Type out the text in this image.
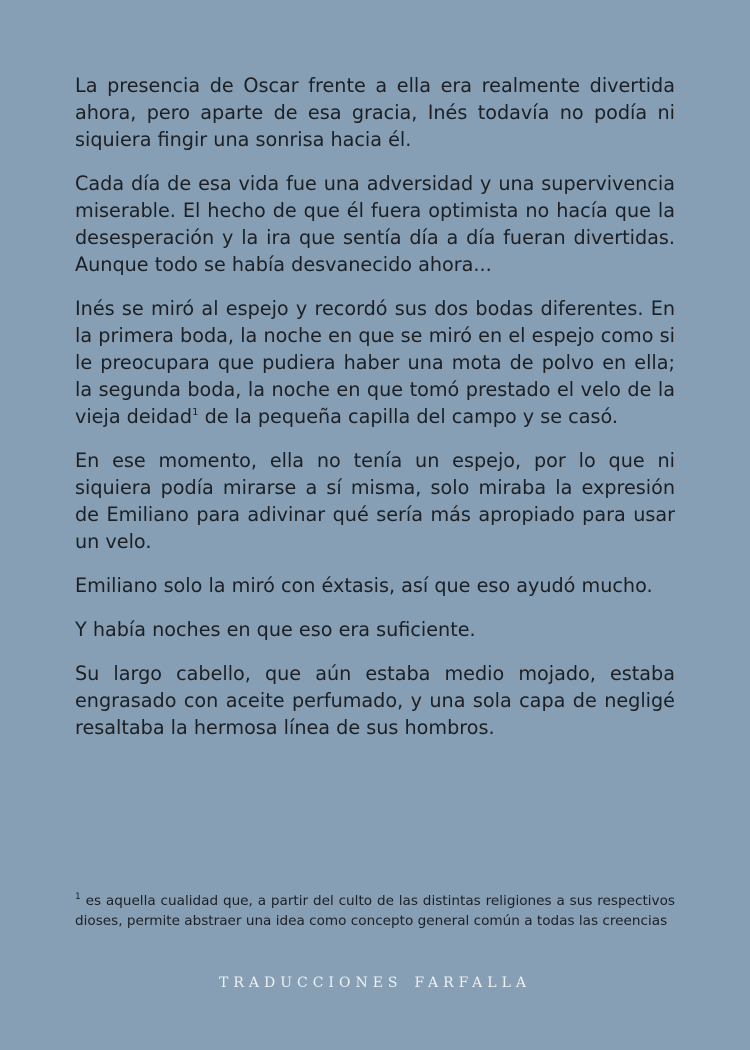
La presencia de Oscar frente a ella era realmente divertida ahora, pero aparte de esa gracia, Inés todavía no podía ni siquiera fingir una sonrisa hacia él.

Cada día de esa vida fue una adversidad y una supervivencia miserable. El hecho de que él fuera optimista no hacía que la desesperación y la ira que sentía día a día fueran divertidas. Aunque todo se había desvanecido ahora...

Inés se miró al espejo y recordó sus dos bodas diferentes. En la primera boda, la noche en que se miró en el espejo como si le preocupara que pudiera haber una mota de polvo en ella; la segunda boda, la noche en que tomó prestado el velo de la vieja deidad$^1$ de la pequeña capilla del campo y se casó.

En ese momento, ella no tenía un espejo, por lo que ni siquiera podía mirarse a sí misma, solo miraba la expresión de Emiliano para adivinar qué sería más apropiado para usar un velo.

Emiliano solo la miró con éxtasis, así que eso ayudó mucho.

Y había noches en que eso era suficiente.

Su largo cabello, que aún estaba medio mojado, estaba engrasado con aceite perfumado, y una sola capa de negligé resaltaba la hermosa línea de sus hombros.

$^1$ es aquella cualidad que, a partir del culto de las distintas religiones a sus respectivos dioses, permite abstraer una idea como concepto general común a todas las creencias
TRADUCCIONES FARFALLA
